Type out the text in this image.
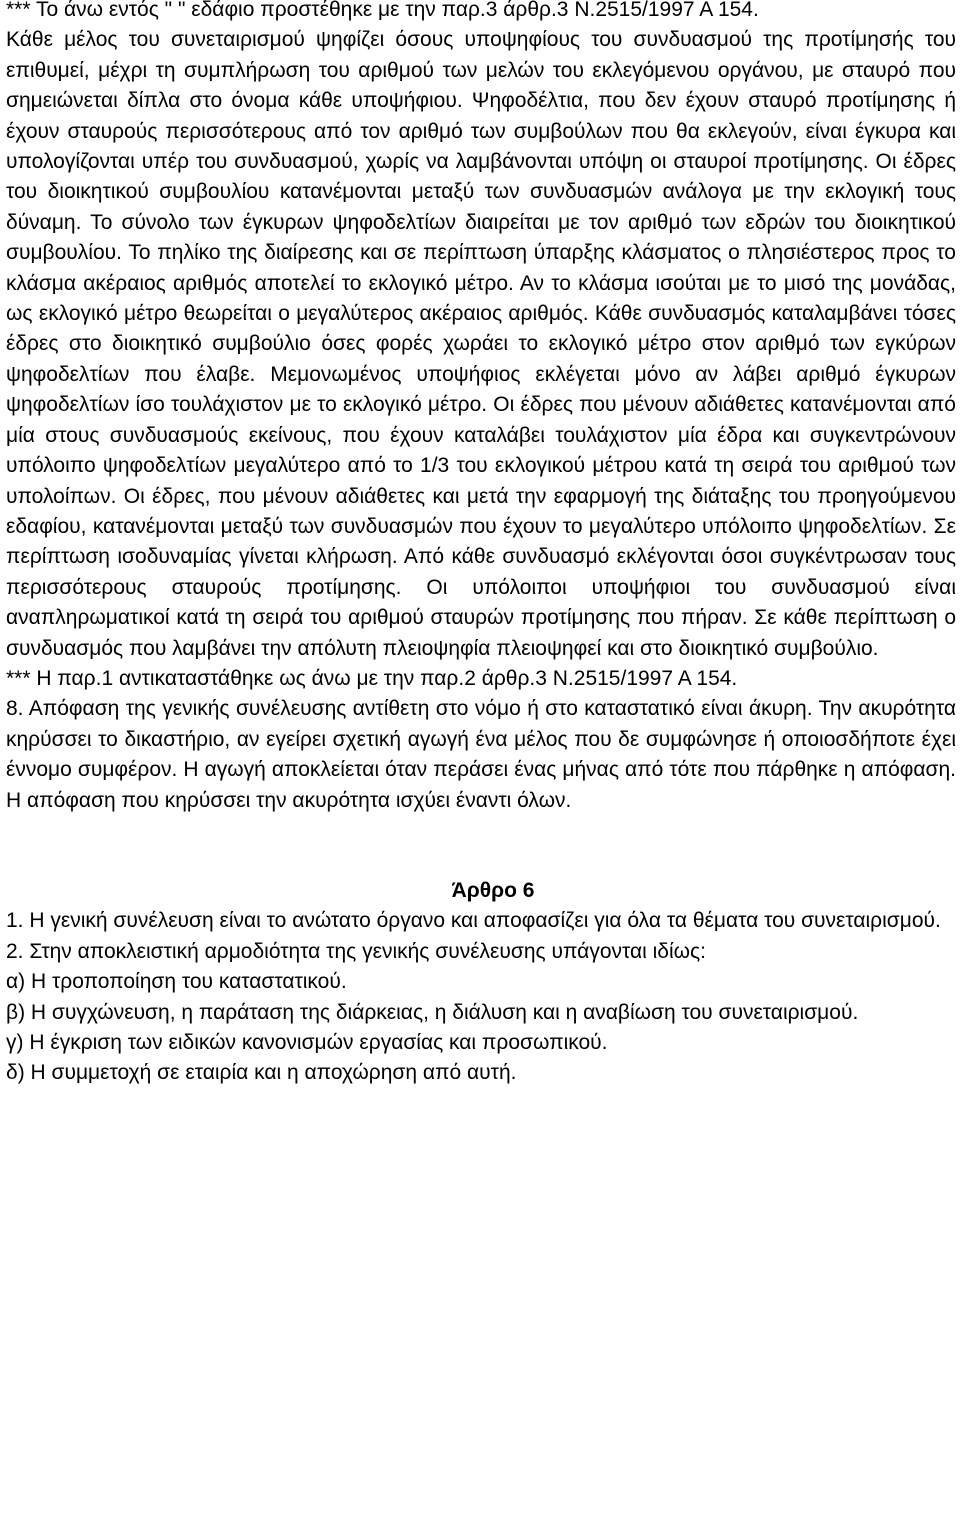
*** Το άνω εντός " " εδάφιο προστέθηκε με την παρ.3 άρθρ.3 Ν.2515/1997 Α 154.

Κάθε μέλος του συνεταιρισμού ψηφίζει όσους υποψηφίους του συνδυασμού της προτίμησής του επιθυμεί, μέχρι τη συμπλήρωση του αριθμού των μελών του εκλεγόμενου οργάνου, με σταυρό που σημειώνεται δίπλα στο όνομα κάθε υποψήφιου. Ψηφοδέλτια, που δεν έχουν σταυρό προτίμησης ή έχουν σταυρούς περισσότερους από τον αριθμό των συμβούλων που θα εκλεγούν, είναι έγκυρα και υπολογίζονται υπέρ του συνδυασμού, χωρίς να λαμβάνονται υπόψη οι σταυροί προτίμησης. Οι έδρες του διοικητικού συμβουλίου κατανέμονται μεταξύ των συνδυασμών ανάλογα με την εκλογική τους δύναμη. Το σύνολο των έγκυρων ψηφοδελτίων διαιρείται με τον αριθμό των εδρών του διοικητικού συμβουλίου. Το πηλίκο της διαίρεσης και σε περίπτωση ύπαρξης κλάσματος ο πλησιέστερος προς το κλάσμα ακέραιος αριθμός αποτελεί το εκλογικό μέτρο. Αν το κλάσμα ισούται με το μισό της μονάδας, ως εκλογικό μέτρο θεωρείται ο μεγαλύτερος ακέραιος αριθμός. Κάθε συνδυασμός καταλαμβάνει τόσες έδρες στο διοικητικό συμβούλιο όσες φορές χωράει το εκλογικό μέτρο στον αριθμό των εγκύρων ψηφοδελτίων που έλαβε. Μεμονωμένος υποψήφιος εκλέγεται μόνο αν λάβει αριθμό έγκυρων ψηφοδελτίων ίσο τουλάχιστον με το εκλογικό μέτρο. Οι έδρες που μένουν αδιάθετες κατανέμονται από μία στους συνδυασμούς εκείνους, που έχουν καταλάβει τουλάχιστον μία έδρα και συγκεντρώνουν υπόλοιπο ψηφοδελτίων μεγαλύτερο από το 1/3 του εκλογικού μέτρου κατά τη σειρά του αριθμού των υπολοίπων. Οι έδρες, που μένουν αδιάθετες και μετά την εφαρμογή της διάταξης του προηγούμενου εδαφίου, κατανέμονται μεταξύ των συνδυασμών που έχουν το μεγαλύτερο υπόλοιπο ψηφοδελτίων. Σε περίπτωση ισοδυναμίας γίνεται κλήρωση. Από κάθε συνδυασμό εκλέγονται όσοι συγκέντρωσαν τους περισσότερους σταυρούς προτίμησης. Οι υπόλοιποι υποψήφιοι του συνδυασμού είναι αναπληρωματικοί κατά τη σειρά του αριθμού σταυρών προτίμησης που πήραν. Σε κάθε περίπτωση ο συνδυασμός που λαμβάνει την απόλυτη πλειοψηφία πλειοψηφεί και στο διοικητικό συμβούλιο.

*** Η παρ.1 αντικαταστάθηκε ως άνω με την παρ.2 άρθρ.3 Ν.2515/1997 Α 154.

8. Απόφαση της γενικής συνέλευσης αντίθετη στο νόμο ή στο καταστατικό είναι άκυρη. Την ακυρότητα κηρύσσει το δικαστήριο, αν εγείρει σχετική αγωγή ένα μέλος που δε συμφώνησε ή οποιοσδήποτε έχει έννομο συμφέρον. Η αγωγή αποκλείεται όταν περάσει ένας μήνας από τότε που πάρθηκε η απόφαση. Η απόφαση που κηρύσσει την ακυρότητα ισχύει έναντι όλων.

Άρθρο 6

1. Η γενική συνέλευση είναι το ανώτατο όργανο και αποφασίζει για όλα τα θέματα του συνεταιρισμού.

2. Στην αποκλειστική αρμοδιότητα της γενικής συνέλευσης υπάγονται ιδίως:

α) Η τροποποίηση του καταστατικού.

β) Η συγχώνευση, η παράταση της διάρκειας, η διάλυση και η αναβίωση του συνεταιρισμού.

γ) Η έγκριση των ειδικών κανονισμών εργασίας και προσωπικού.

δ) Η συμμετοχή σε εταιρία και η αποχώρηση από αυτή.
